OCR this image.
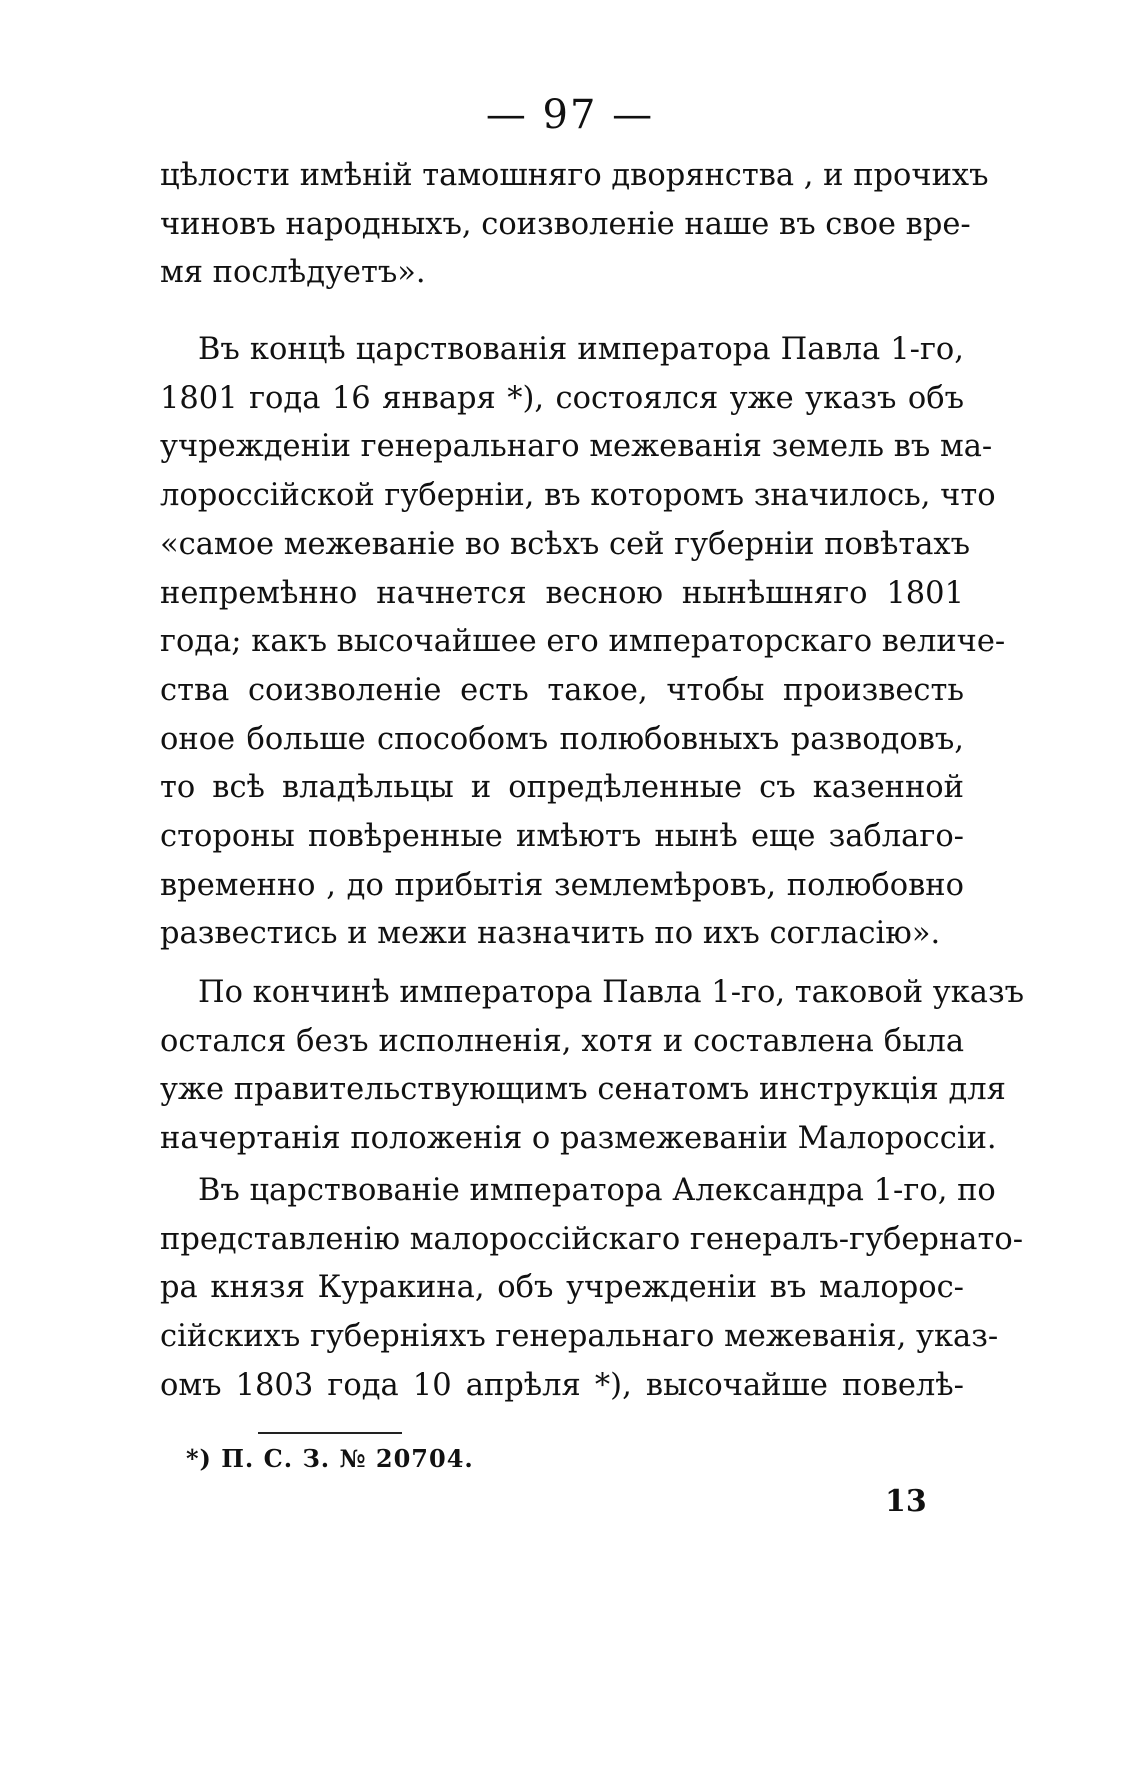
— 97 —
цѣлости имѣній тамошняго дворянства , и прочихъ
чиновъ народныхъ, соизволеніе наше въ свое вре-
мя послѣдуетъ».
Въ концѣ царствованія императора Павла 1-го,
1801 года 16 января *), состоялся уже указъ объ
учрежденіи генеральнаго межеванія земель въ ма-
лороссійской губерніи, въ которомъ значилось, что
«самое межеваніе во всѣхъ сей губерніи повѣтахъ
непремѣнно начнется весною нынѣшняго 1801
года; какъ высочайшее его императорскаго величе-
ства соизволеніе есть такое, чтобы произвесть
оное больше способомъ полюбовныхъ разводовъ,
то всѣ владѣльцы и опредѣленные съ казенной
стороны повѣренные имѣютъ нынѣ еще заблаго-
временно , до прибытія землемѣровъ, полюбовно
развестись и межи назначить по ихъ согласію».
По кончинѣ императора Павла 1-го, таковой указъ
остался безъ исполненія, хотя и составлена была
уже правительствующимъ сенатомъ инструкція для
начертанія положенія о размежеваніи Малороссіи.
Въ царствованіе императора Александра 1-го, по
представленію малороссійскаго генералъ-губернато-
ра князя Куракина, объ учрежденіи въ малорос-
сійскихъ губерніяхъ генеральнаго межеванія, указ-
омъ 1803 года 10 апрѣля *), высочайше повелѣ-
*) П. С. З. № 20704.
13
